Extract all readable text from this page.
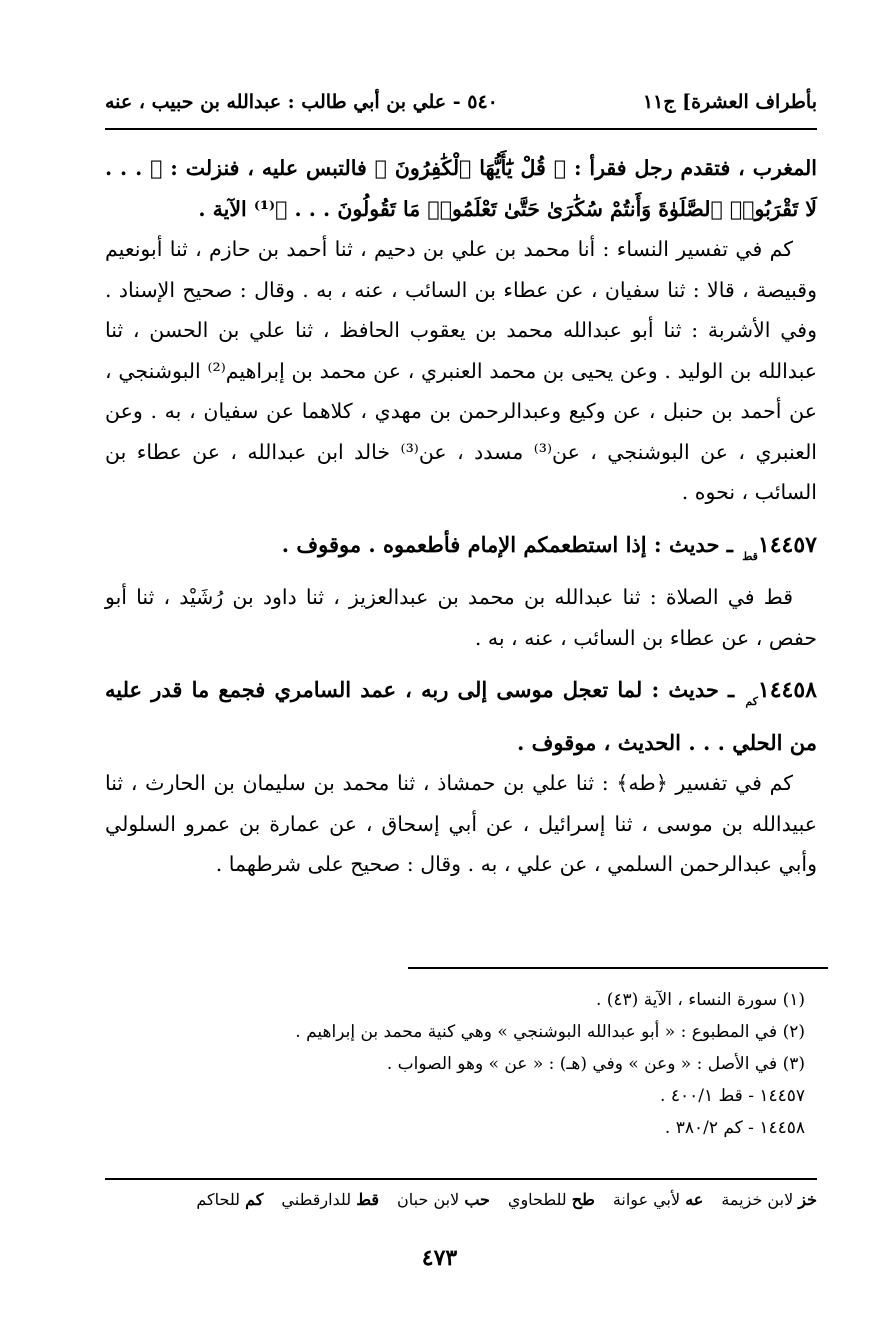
بأطراف العشرة] ج١١
٥٤٠ - علي بن أبي طالب : عبدالله بن حبيب ، عنه

المغرب ، فتقدم رجل فقرأ : ﴿ قُلْ يَٰٓأَيُّهَا ٱلْكَٰفِرُونَ ﴾ فالتبس عليه ، فنزلت : ﴿ . . . لَا تَقْرَبُوا۟ ٱلصَّلَوٰةَ وَأَنتُمْ سُكَٰرَىٰ حَتَّىٰ تَعْلَمُوا۟ مَا تَقُولُونَ . . . ﴾⁽¹⁾ الآية .

كم في تفسير النساء : أنا محمد بن علي بن دحيم ، ثنا أحمد بن حازم ، ثنا أبونعيم وقبيصة ، قالا : ثنا سفيان ، عن عطاء بن السائب ، عنه ، به . وقال : صحيح الإسناد . وفي الأشربة : ثنا أبو عبدالله محمد بن يعقوب الحافظ ، ثنا علي بن الحسن ، ثنا عبدالله بن الوليد . وعن يحيى بن محمد العنبري ، عن محمد بن إبراهيم⁽²⁾ البوشنجي ، عن أحمد بن حنبل ، عن وكيع وعبدالرحمن بن مهدي ، كلاهما عن سفيان ، به . وعن العنبري ، عن البوشنجي ، عن⁽³⁾ مسدد ، عن⁽³⁾ خالد ابن عبدالله ، عن عطاء بن السائب ، نحوه .

$١٤٤٥٧_{قط}$ ـ حديث : إذا استطعمكم الإمام فأطعموه . موقوف .

قط في الصلاة : ثنا عبدالله بن محمد بن عبدالعزيز ، ثنا داود بن رُشَيْد ، ثنا أبو حفص ، عن عطاء بن السائب ، عنه ، به .

$١٤٤٥٨_{كم}$ ـ حديث : لما تعجل موسى إلى ربه ، عمد السامري فجمع ما قدر عليه من الحلي . . . الحديث ، موقوف .

كم في تفسير ﴿طه﴾ : ثنا علي بن حمشاذ ، ثنا محمد بن سليمان بن الحارث ، ثنا عبيدالله بن موسى ، ثنا إسرائيل ، عن أبي إسحاق ، عن عمارة بن عمرو السلولي وأبي عبدالرحمن السلمي ، عن علي ، به . وقال : صحيح على شرطهما .

(١) سورة النساء ، الآية (٤٣) .

(٢) في المطبوع : « أبو عبدالله البوشنجي » وهي كنية محمد بن إبراهيم .

(٣) في الأصل : « وعن » وفي (هـ) : « عن » وهو الصواب .

١٤٤٥٧ - قط ٤٠٠/١ .

١٤٤٥٨ - كم ٣٨٠/٢ .

خز لابن خزيمة
عه لأبي عوانة
طح للطحاوي
حب لابن حبان
قط للدارقطني
كم للحاكم
٤٧٣
